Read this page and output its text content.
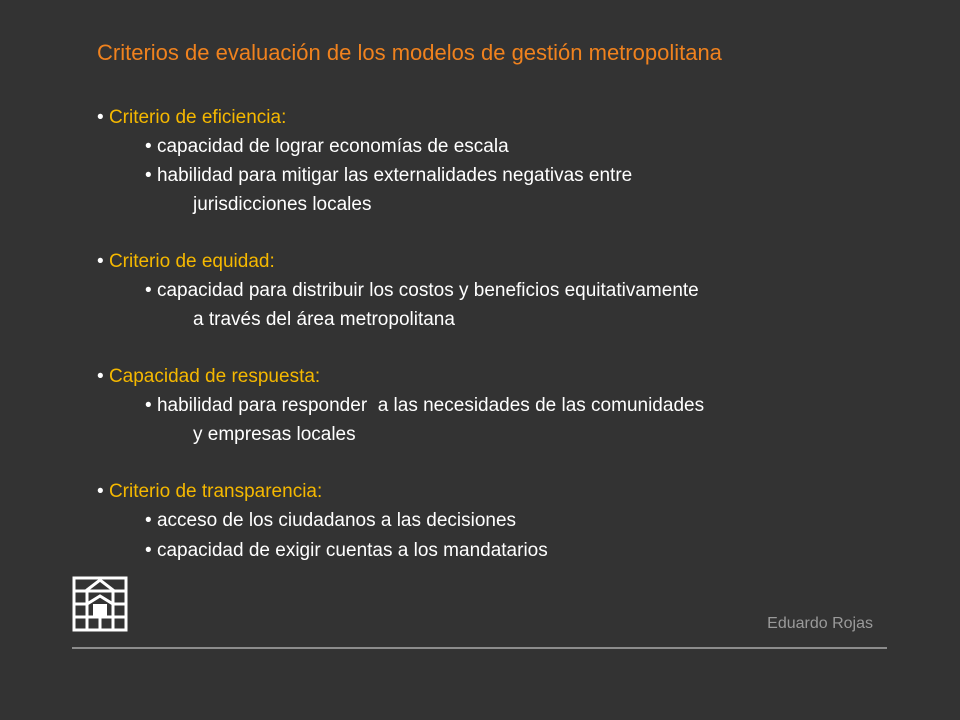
Criterios de evaluación de los modelos de gestión metropolitana
• Criterio de eficiencia:
• capacidad de lograr economías de escala
• habilidad para mitigar las externalidades negativas entre
jurisdicciones locales
• Criterio de equidad:
• capacidad para distribuir los costos y beneficios equitativamente
a través del área metropolitana
• Capacidad de respuesta:
• habilidad para responder  a las necesidades de las comunidades
y empresas locales
• Criterio de transparencia:
• acceso de los ciudadanos a las decisiones
• capacidad de exigir cuentas a los mandatarios
Eduardo Rojas
